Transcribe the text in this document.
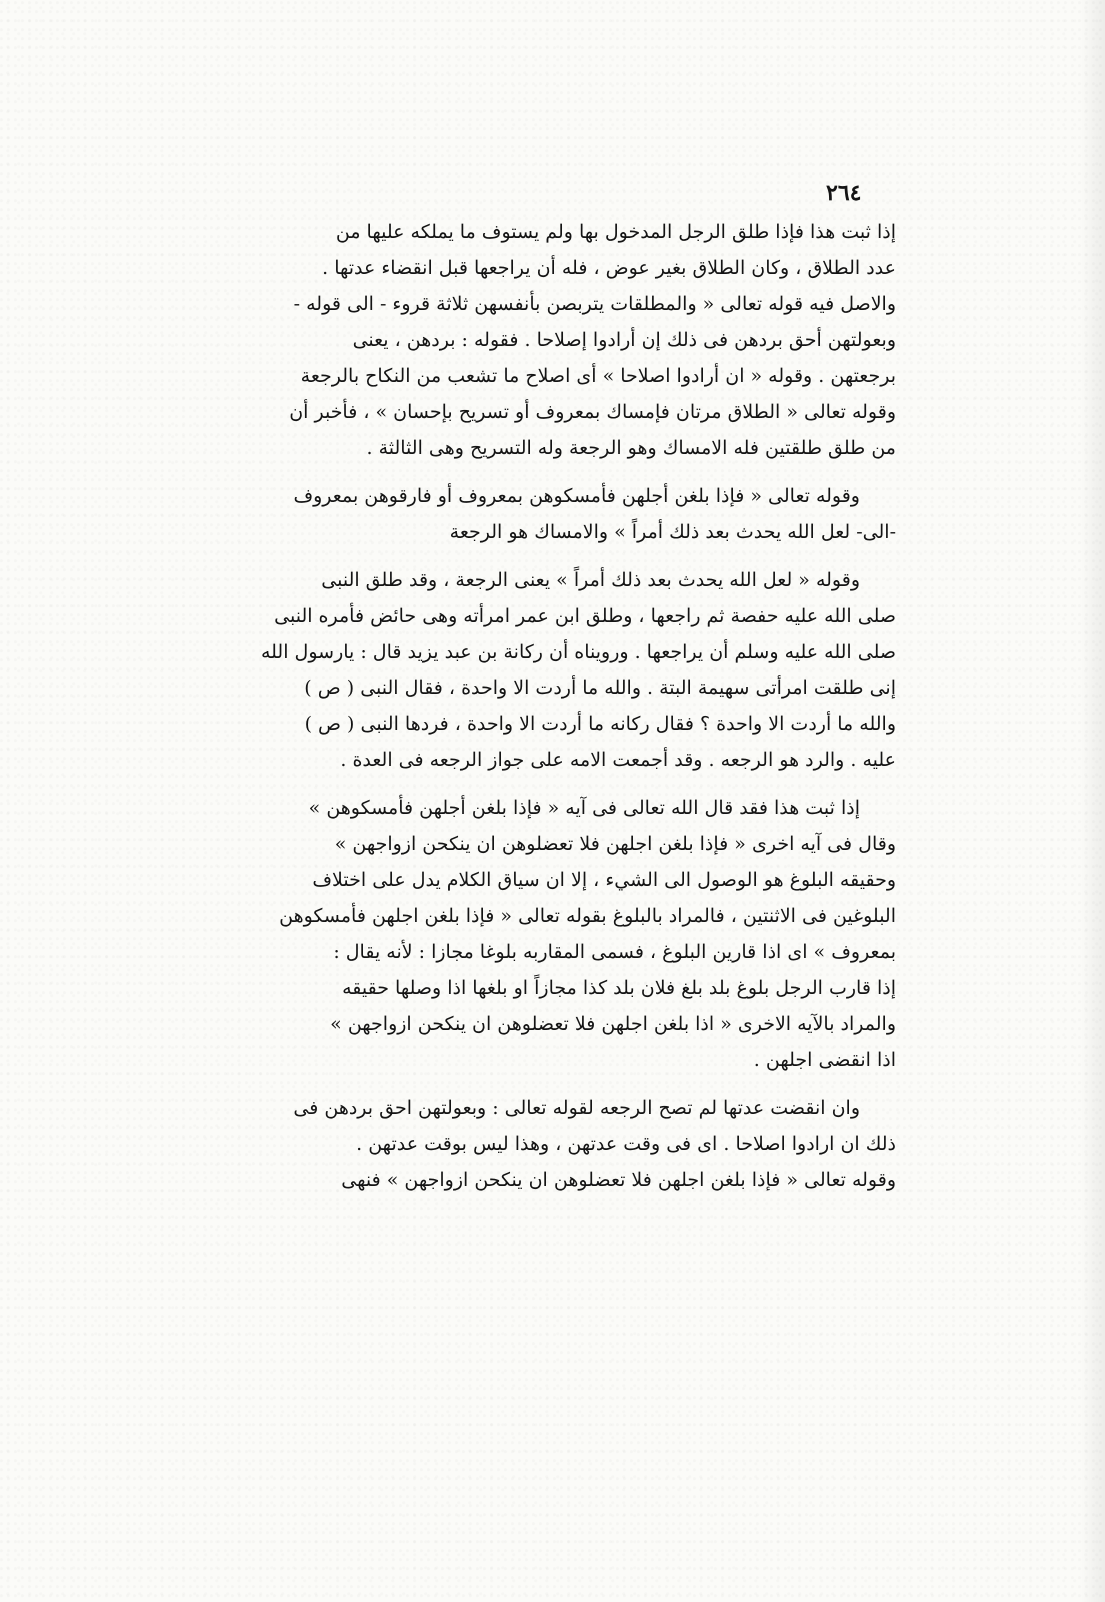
٢٦٤
إذا ثبت هذا فإذا طلق الرجل المدخول بها ولم يستوف ما يملكه عليها من
عدد الطلاق ، وكان الطلاق بغير عوض ، فله أن يراجعها قبل انقضاء عدتها .
والاصل فيه قوله تعالى « والمطلقات يتربصن بأنفسهن ثلاثة قروء - الى قوله -
وبعولتهن أحق بردهن فى ذلك إن أرادوا إصلاحا . فقوله : بردهن ، يعنى
برجعتهن . وقوله « ان أرادوا اصلاحا » أى اصلاح ما تشعب من النكاح بالرجعة
وقوله تعالى « الطلاق مرتان فإمساك بمعروف أو تسريح بإحسان » ، فأخبر أن
من طلق طلقتين فله الامساك وهو الرجعة وله التسريح وهى الثالثة .
وقوله تعالى « فإذا بلغن أجلهن فأمسكوهن بمعروف أو فارقوهن بمعروف
-الى- لعل الله يحدث بعد ذلك أمراً » والامساك هو الرجعة
وقوله « لعل الله يحدث بعد ذلك أمراً » يعنى الرجعة ، وقد طلق النبى
صلى الله عليه حفصة ثم راجعها ، وطلق ابن عمر امرأته وهى حائض فأمره النبى
صلى الله عليه وسلم أن يراجعها . ورويناه أن ركانة بن عبد يزيد قال : يارسول الله
إنى طلقت امرأتى سهيمة البتة . والله ما أردت الا واحدة ، فقال النبى ( ص )
والله ما أردت الا واحدة ؟ فقال ركانه ما أردت الا واحدة ، فردها النبى ( ص )
عليه . والرد هو الرجعه . وقد أجمعت الامه على جواز الرجعه فى العدة .
إذا ثبت هذا فقد قال الله تعالى فى آيه « فإذا بلغن أجلهن فأمسكوهن »
وقال فى آيه اخرى « فإذا بلغن اجلهن فلا تعضلوهن ان ينكحن ازواجهن »
وحقيقه البلوغ هو الوصول الى الشيء ، إلا ان سياق الكلام يدل على اختلاف
البلوغين فى الاثنتين ، فالمراد بالبلوغ بقوله تعالى « فإذا بلغن اجلهن فأمسكوهن
بمعروف » اى اذا قارين البلوغ ، فسمى المقاربه بلوغا مجازا : لأنه يقال :
إذا قارب الرجل بلوغ بلد بلغ فلان بلد كذا مجازاً او بلغها اذا وصلها حقيقه
والمراد بالآيه الاخرى « اذا بلغن اجلهن فلا تعضلوهن ان ينكحن ازواجهن »
اذا انقضى اجلهن .
وان انقضت عدتها لم تصح الرجعه لقوله تعالى : وبعولتهن احق بردهن فى
ذلك ان ارادوا اصلاحا . اى فى وقت عدتهن ، وهذا ليس بوقت عدتهن .
وقوله تعالى « فإذا بلغن اجلهن فلا تعضلوهن ان ينكحن ازواجهن » فنهى
